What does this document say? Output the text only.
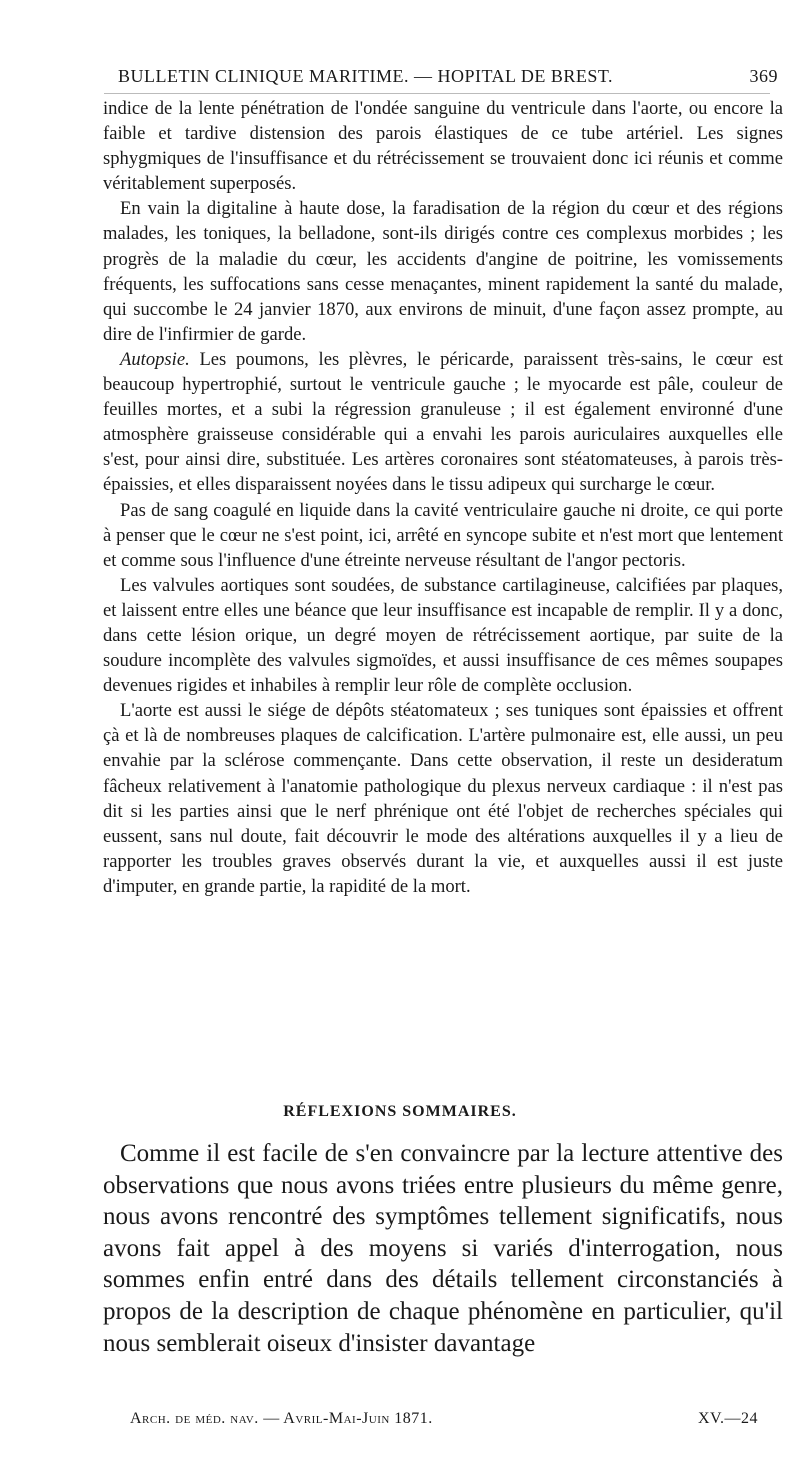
BULLETIN CLINIQUE MARITIME. — HOPITAL DE BREST.	369

indice de la lente pénétration de l'ondée sanguine du ventricule dans l'aorte, ou encore la faible et tardive distension des parois élastiques de ce tube artériel. Les signes sphygmiques de l'insuffisance et du rétrécissement se trouvaient donc ici réunis et comme véritablement superposés.

En vain la digitaline à haute dose, la faradisation de la région du cœur et des régions malades, les toniques, la belladone, sont-ils dirigés contre ces complexus morbides ; les progrès de la maladie du cœur, les accidents d'angine de poitrine, les vomissements fréquents, les suffocations sans cesse menaçantes, minent rapidement la santé du malade, qui succombe le 24 janvier 1870, aux environs de minuit, d'une façon assez prompte, au dire de l'infirmier de garde.

Autopsie. Les poumons, les plèvres, le péricarde, paraissent très-sains, le cœur est beaucoup hypertrophié, surtout le ventricule gauche ; le myocarde est pâle, couleur de feuilles mortes, et a subi la régression granuleuse ; il est également environné d'une atmosphère graisseuse considérable qui a envahi les parois auriculaires auxquelles elle s'est, pour ainsi dire, substituée. Les artères coronaires sont stéatomateuses, à parois très-épaissies, et elles disparaissent noyées dans le tissu adipeux qui surcharge le cœur.

Pas de sang coagulé en liquide dans la cavité ventriculaire gauche ni droite, ce qui porte à penser que le cœur ne s'est point, ici, arrêté en syncope subite et n'est mort que lentement et comme sous l'influence d'une étreinte nerveuse résultant de l'angor pectoris.

Les valvules aortiques sont soudées, de substance cartilagineuse, calcifiées par plaques, et laissent entre elles une béance que leur insuffisance est incapable de remplir. Il y a donc, dans cette lésion orique, un degré moyen de rétrécissement aortique, par suite de la soudure incomplète des valvules sigmoïdes, et aussi insuffisance de ces mêmes soupapes devenues rigides et inhabiles à remplir leur rôle de complète occlusion.

L'aorte est aussi le siége de dépôts stéatomateux ; ses tuniques sont épaissies et offrent çà et là de nombreuses plaques de calcification. L'artère pulmonaire est, elle aussi, un peu envahie par la sclérose commençante. Dans cette observation, il reste un desideratum fâcheux relativement à l'anatomie pathologique du plexus nerveux cardiaque : il n'est pas dit si les parties ainsi que le nerf phrénique ont été l'objet de recherches spéciales qui eussent, sans nul doute, fait découvrir le mode des altérations auxquelles il y a lieu de rapporter les troubles graves observés durant la vie, et auxquelles aussi il est juste d'imputer, en grande partie, la rapidité de la mort.

RÉFLEXIONS SOMMAIRES.

Comme il est facile de s'en convaincre par la lecture attentive des observations que nous avons triées entre plusieurs du même genre, nous avons rencontré des symptômes tellement significatifs, nous avons fait appel à des moyens si variés d'interrogation, nous sommes enfin entré dans des détails tellement circonstanciés à propos de la description de chaque phénomène en particulier, qu'il nous semblerait oiseux d'insister davantage

Arch. de méd. nav. — Avril-Mai-Juin 1871.	XV.—24
